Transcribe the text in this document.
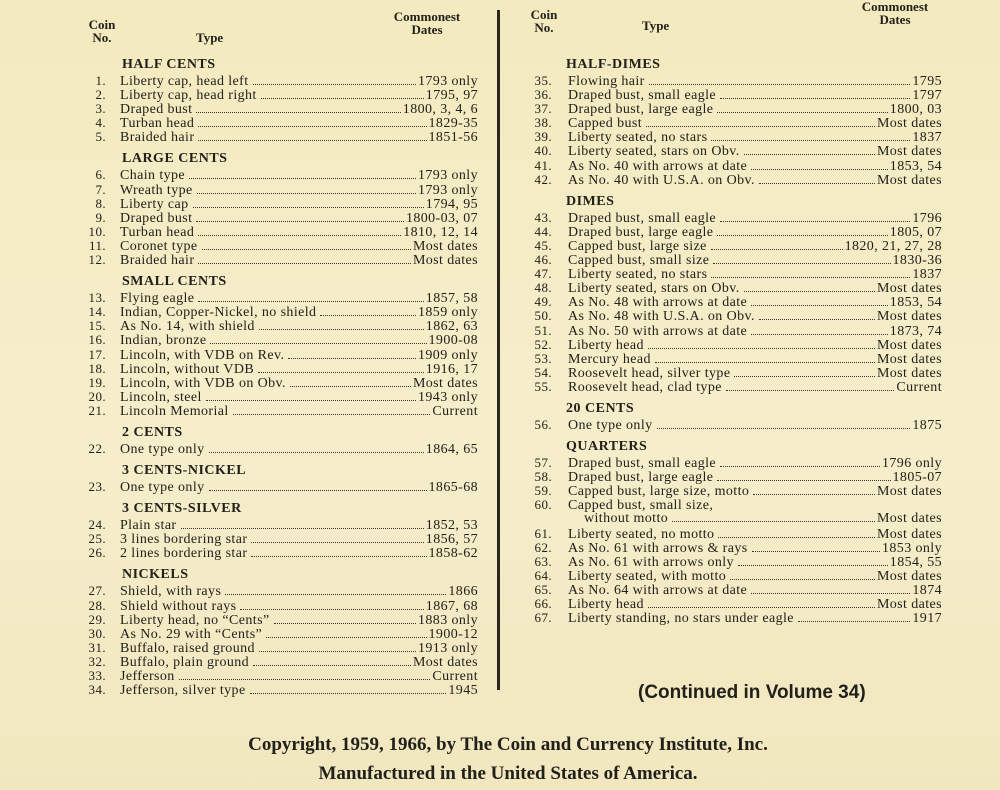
Coin
No.	Type
Commonest
Dates
HALF CENTS
1.	Liberty cap, head left	1793 only
2.	Liberty cap, head right	1795, 97
3.	Draped bust	1800, 3, 4, 6
4.	Turban head	1829-35
5.	Braided hair	1851-56
LARGE CENTS
6.	Chain type	1793 only
7.	Wreath type	1793 only
8.	Liberty cap	1794, 95
9.	Draped bust	1800-03, 07
10.	Turban head	1810, 12, 14
11.	Coronet type	Most dates
12.	Braided hair	Most dates
SMALL CENTS
13.	Flying eagle	1857, 58
14.	Indian, Copper-Nickel, no shield	1859 only
15.	As No. 14, with shield	1862, 63
16.	Indian, bronze	1900-08
17.	Lincoln, with VDB on Rev.	1909 only
18.	Lincoln, without VDB	1916, 17
19.	Lincoln, with VDB on Obv.	Most dates
20.	Lincoln, steel	1943 only
21.	Lincoln Memorial	Current
2 CENTS
22.	One type only	1864, 65
3 CENTS-NICKEL
23.	One type only	1865-68
3 CENTS-SILVER
24.	Plain star	1852, 53
25.	3 lines bordering star	1856, 57
26.	2 lines bordering star	1858-62
NICKELS
27.	Shield, with rays	1866
28.	Shield without rays	1867, 68
29.	Liberty head, no “Cents”	1883 only
30.	As No. 29 with “Cents”	1900-12
31.	Buffalo, raised ground	1913 only
32.	Buffalo, plain ground	Most dates
33.	Jefferson	Current
34.	Jefferson, silver type	1945
Coin
No.	Type
Commonest
Dates
HALF-DIMES
35.	Flowing hair	1795
36.	Draped bust, small eagle	1797
37.	Draped bust, large eagle	1800, 03
38.	Capped bust	Most dates
39.	Liberty seated, no stars	1837
40.	Liberty seated, stars on Obv.	Most dates
41.	As No. 40 with arrows at date	1853, 54
42.	As No. 40 with U.S.A. on Obv.	Most dates
DIMES
43.	Draped bust, small eagle	1796
44.	Draped bust, large eagle	1805, 07
45.	Capped bust, large size	1820, 21, 27, 28
46.	Capped bust, small size	1830-36
47.	Liberty seated, no stars	1837
48.	Liberty seated, stars on Obv.	Most dates
49.	As No. 48 with arrows at date	1853, 54
50.	As No. 48 with U.S.A. on Obv.	Most dates
51.	As No. 50 with arrows at date	1873, 74
52.	Liberty head	Most dates
53.	Mercury head	Most dates
54.	Roosevelt head, silver type	Most dates
55.	Roosevelt head, clad type	Current
20 CENTS
56.	One type only	1875
QUARTERS
57.	Draped bust, small eagle	1796 only
58.	Draped bust, large eagle	1805-07
59.	Capped bust, large size, motto	Most dates
60.	Capped bust, small size,
without motto	Most dates
61.	Liberty seated, no motto	Most dates
62.	As No. 61 with arrows & rays	1853 only
63.	As No. 61 with arrows only	1854, 55
64.	Liberty seated, with motto	Most dates
65.	As No. 64 with arrows at date	1874
66.	Liberty head	Most dates
67.	Liberty standing, no stars under eagle	1917
(Continued in Volume 34)
Copyright, 1959, 1966, by The Coin and Currency Institute, Inc.
Manufactured in the United States of America.
